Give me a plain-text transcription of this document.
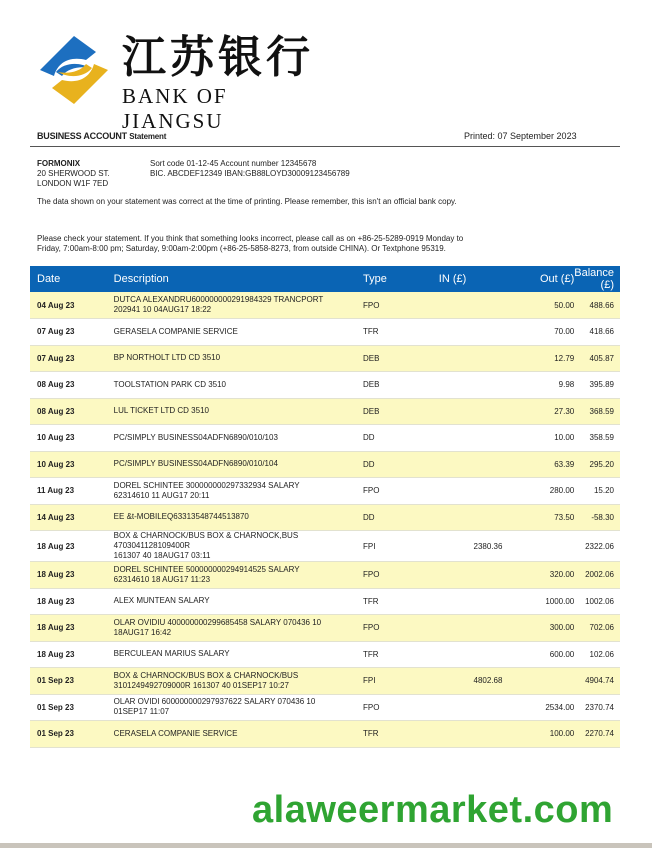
江苏银行
BANK OF JIANGSU
BUSINESS ACCOUNT Statement	Printed: 07 September 2023
FORMONIX
20 SHERWOOD ST.
LONDON W1F 7ED
Sort code 01-12-45 Account number 12345678
BIC. ABCDEF12349 IBAN:GB88LOYD30009123456789
The data shown on your statement was correct at the time of printing. Please remember, this isn't an official bank copy.
Please check your statement. If you think that something looks incorrect, please call as on +86-25-5289-0919 Monday to Friday, 7:00am-8:00 pm; Saturday, 9:00am-2:00pm (+86-25-5858-8273, from outside CHINA). Or Textphone 95319.
Date	Description	Type	IN (£)	Out (£)	Balance (£)
04 Aug 23	DUTCA ALEXANDRU600000000291984329 TRANCPORT
202941 10 04AUG17 18:22	FPO		50.00	488.66
07 Aug 23	GERASELA COMPANIE SERVICE	TFR		70.00	418.66
07 Aug 23	BP NORTHOLT LTD CD 3510	DEB		12.79	405.87
08 Aug 23	TOOLSTATION PARK CD 3510	DEB		9.98	395.89
08 Aug 23	LUL TICKET LTD CD 3510	DEB		27.30	368.59
10 Aug 23	PC/SIMPLY BUSINESS04ADFN6890/010/103	DD		10.00	358.59
10 Aug 23	PC/SIMPLY BUSINESS04ADFN6890/010/104	DD		63.39	295.20
11 Aug 23	DOREL SCHINTEE 300000000297332934 SALARY
62314610 11 AUG17 20:11	FPO		280.00	15.20
14 Aug 23	EE &t-MOBILEQ63313548744513870	DD		73.50	-58.30
18 Aug 23	BOX & CHARNOCK/BUS BOX & CHARNOCK,BUS 4703041128109400R
161307 40 18AUG17 03:11	FPI	2380.36		2322.06
18 Aug 23	DOREL SCHINTEE 500000000294914525 SALARY
62314610 18 AUG17 11:23	FPO		320.00	2002.06
18 Aug 23	ALEX MUNTEAN SALARY	TFR		1000.00	1002.06
18 Aug 23	OLAR OVIDIU 400000000299685458 SALARY 070436 10
18AUG17 16:42	FPO		300.00	702.06
18 Aug 23	BERCULEAN MARIUS SALARY	TFR		600.00	102.06
01 Sep 23	BOX & CHARNOCK/BUS BOX & CHARNOCK/BUS
3101249492709000R 161307 40 01SEP17 10:27	FPI	4802.68		4904.74
01 Sep 23	OLAR OVIDI 600000000297937622 SALARY 070436 10
01SEP17 11:07	FPO		2534.00	2370.74
01 Sep 23	CERASELA COMPANIE SERVICE	TFR		100.00	2270.74
alaweermarket.com
